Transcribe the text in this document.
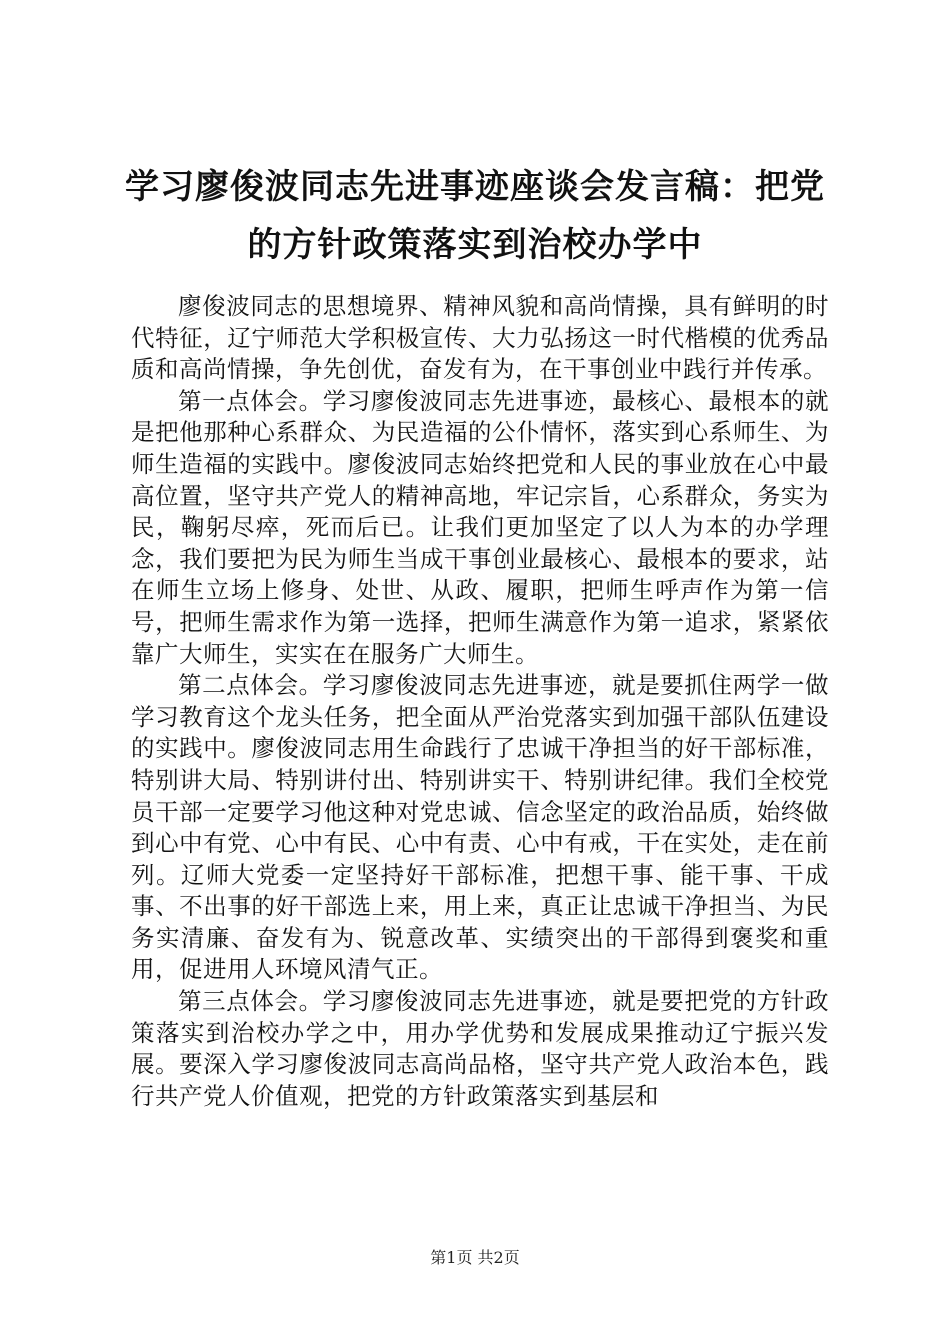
学习廖俊波同志先进事迹座谈会发言稿：把党的方针政策落实到治校办学中

廖俊波同志的思想境界、精神风貌和高尚情操，具有鲜明的时代特征，辽宁师范大学积极宣传、大力弘扬这一时代楷模的优秀品质和高尚情操，争先创优，奋发有为，在干事创业中践行并传承。

第一点体会。学习廖俊波同志先进事迹，最核心、最根本的就是把他那种心系群众、为民造福的公仆情怀，落实到心系师生、为师生造福的实践中。廖俊波同志始终把党和人民的事业放在心中最高位置，坚守共产党人的精神高地，牢记宗旨，心系群众，务实为民，鞠躬尽瘁，死而后已。让我们更加坚定了以人为本的办学理念，我们要把为民为师生当成干事创业最核心、最根本的要求，站在师生立场上修身、处世、从政、履职，把师生呼声作为第一信号，把师生需求作为第一选择，把师生满意作为第一追求，紧紧依靠广大师生，实实在在服务广大师生。

第二点体会。学习廖俊波同志先进事迹，就是要抓住两学一做学习教育这个龙头任务，把全面从严治党落实到加强干部队伍建设的实践中。廖俊波同志用生命践行了忠诚干净担当的好干部标准，特别讲大局、特别讲付出、特别讲实干、特别讲纪律。我们全校党员干部一定要学习他这种对党忠诚、信念坚定的政治品质，始终做到心中有党、心中有民、心中有责、心中有戒，干在实处，走在前列。辽师大党委一定坚持好干部标准，把想干事、能干事、干成事、不出事的好干部选上来，用上来，真正让忠诚干净担当、为民务实清廉、奋发有为、锐意改革、实绩突出的干部得到褒奖和重用，促进用人环境风清气正。

第三点体会。学习廖俊波同志先进事迹，就是要把党的方针政策落实到治校办学之中，用办学优势和发展成果推动辽宁振兴发展。要深入学习廖俊波同志高尚品格，坚守共产党人政治本色，践行共产党人价值观，把党的方针政策落实到基层和

第1页 共2页
